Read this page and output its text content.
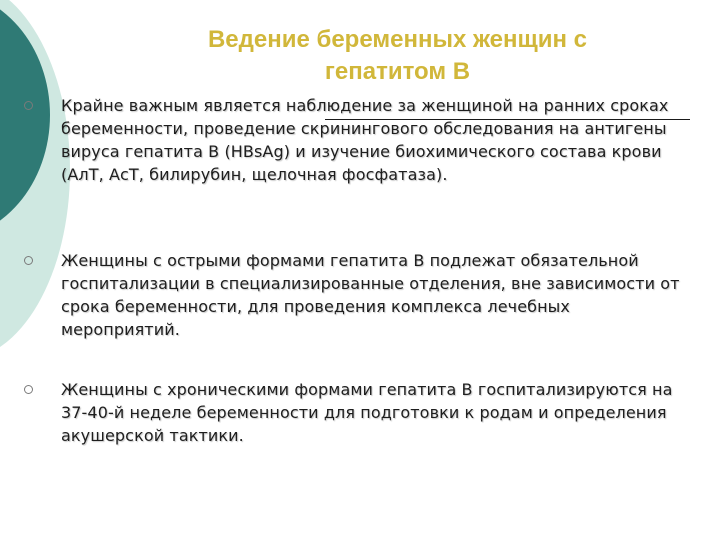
Ведение беременных женщин с гепатитом В
Крайне важным является наблюдение за женщиной на ранних сроках беременности, проведение скринингового обследования на антигены вируса гепатита В (HBsAg) и изучение биохимического состава крови (АлТ, АсТ, билирубин, щелочная фосфатаза).
Женщины с острыми формами гепатита В подлежат обязательной госпитализации в специализированные отделения, вне зависимости от срока беременности, для проведения комплекса лечебных мероприятий.
Женщины с хроническими формами гепатита В госпитализируются на 37-40-й неделе беременности для подготовки к родам и определения акушерской тактики.
